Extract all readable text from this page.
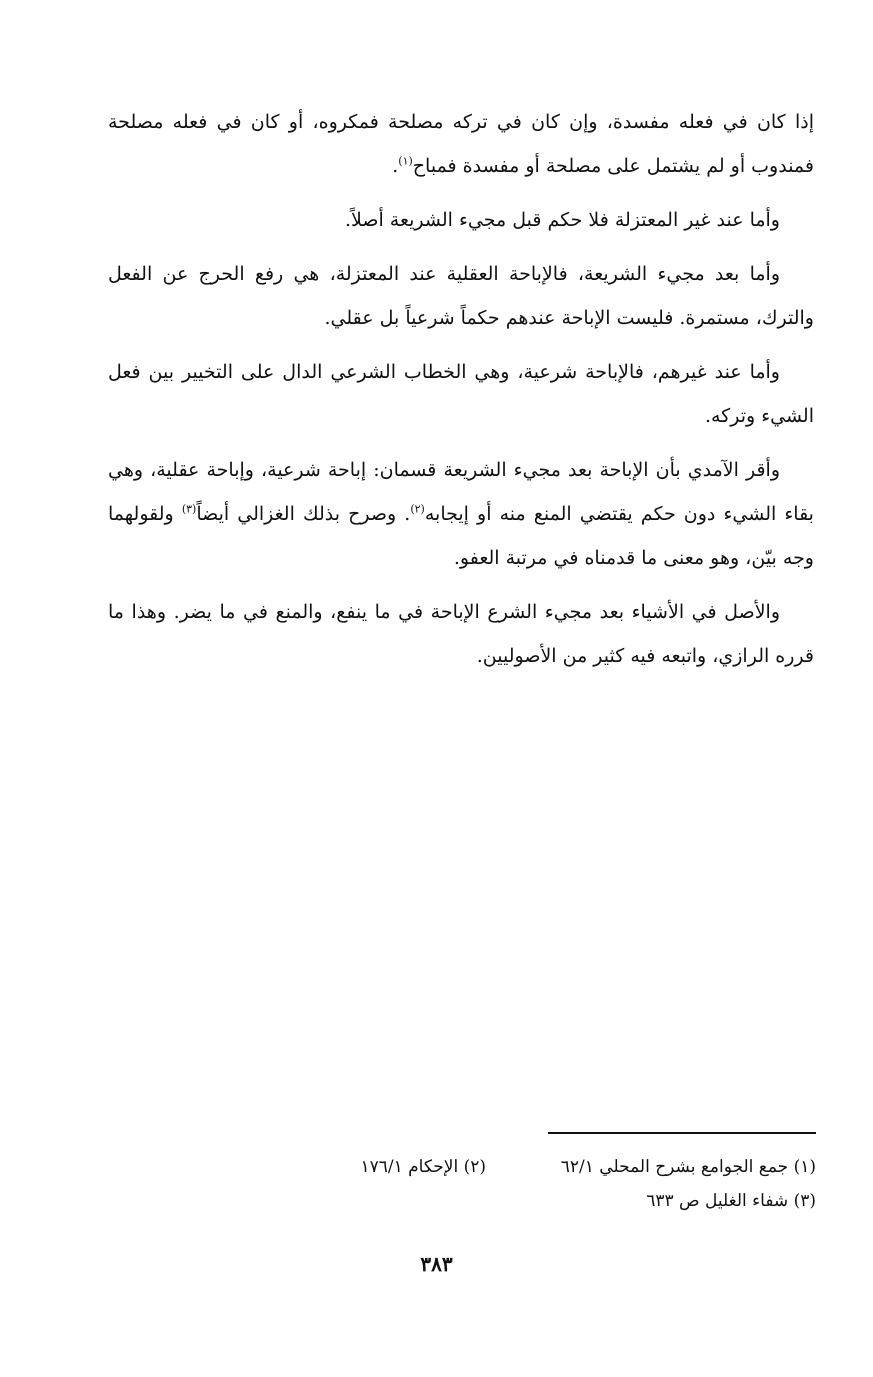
إذا كان في فعله مفسدة، وإن كان في تركه مصلحة فمكروه، أو كان في فعله مصلحة فمندوب أو لم يشتمل على مصلحة أو مفسدة فمباح$^{(١)}$.

وأما عند غير المعتزلة فلا حكم قبل مجيء الشريعة أصلاً.

وأما بعد مجيء الشريعة، فالإباحة العقلية عند المعتزلة، هي رفع الحرج عن الفعل والترك، مستمرة. فليست الإباحة عندهم حكماً شرعياً بل عقلي.

وأما عند غيرهم، فالإباحة شرعية، وهي الخطاب الشرعي الدال على التخيير بين فعل الشيء وتركه.

وأقر الآمدي بأن الإباحة بعد مجيء الشريعة قسمان: إباحة شرعية، وإباحة عقلية، وهي بقاء الشيء دون حكم يقتضي المنع منه أو إيجابه$^{(٢)}$. وصرح بذلك الغزالي أيضاً$^{(٣)}$ ولقولهما وجه بيّن، وهو معنى ما قدمناه في مرتبة العفو.

والأصل في الأشياء بعد مجيء الشرع الإباحة في ما ينفع، والمنع في ما يضر. وهذا ما قرره الرازي، واتبعه فيه كثير من الأصوليين.

(١) جمع الجوامع بشرح المحلي ٦٢/١
(٢) الإحكام ١٧٦/١
(٣) شفاء الغليل ص ٦٣٣
٣٨٣
